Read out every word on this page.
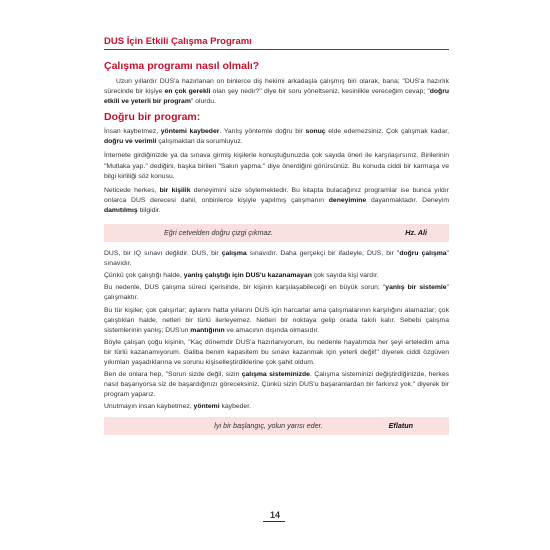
DUS İçin Etkili Çalışma Programı
Çalışma programı nasıl olmalı?

Uzun yıllardır DUS'a hazırlanan on binlerce diş hekimi arkadaşla çalışmış biri olarak, bana; "DUS'a hazırlık sürecinde bir kişiye en çok gerekli olan şey nedir?" diye bir soru yöneltseniz, kesinlikle vereceğim cevap; "doğru etkili ve yeterli bir program" olurdu.

Doğru bir program:

İnsan kaybetmez, yöntemi kaybeder. Yanlış yöntemle doğru bir sonuç elde edemezsiniz. Çok çalışmak kadar, doğru ve verimli çalışmaktan da sorumluyuz.

İnternete girdiğinizde ya da sınava girmiş kişilerle konuştuğunuzda çok sayıda öneri ile karşılaşırsınız. Birilerinin "Mutlaka yap." dediğini, başka birileri "Sakın yapma." diye önerdiğini görürsünüz. Bu konuda ciddi bir karmaşa ve bilgi kirliliği söz konusu.

Neticede herkes, bir kişilik deneyimini size söylemektedir. Bu kitapta bulacağınız programlar ise bunca yıldır onlarca DUS derecesi dahil, onbinlerce kişiyle yapılmış çalışmanın deneyimine dayanmaktadır. Deneyim damıtılmış bilgidir.

Eğri cetvelden doğru çizgi çıkmaz.	Hz. Ali

DUS, bir IQ sınavı değildir. DUS, bir çalışma sınavıdır. Daha gerçekçi bir ifadeyle, DUS, bir "doğru çalışma" sınavıdır.

Çünkü çok çalıştığı halde, yanlış çalıştığı için DUS'u kazanamayan çok sayıda kişi vardır.

Bu nedenle, DUS çalışma süreci içerisinde, bir kişinin karşılaşabileceği en büyük sorun; "yanlış bir sistemle" çalışmaktır.

Bu tür kişiler, çok çalışırlar; aylarını hatta yıllarını DUS için harcarlar ama çalışmalarının karşılığını alamazlar; çok çalıştıkları halde, netleri bir türlü ilerleyemez. Netleri bir noktaya gelip orada takılı kalır. Sebebi çalışma sistemlerinin yanlış; DUS'un mantığının ve amacının dışında olmasıdır.

Böyle çalışan çoğu kişinin, "Kaç dönemdir DUS'a hazırlanıyorum, bu nedenle hayatımda her şeyi erteledim ama bir türlü kazanamıyorum. Galiba benim kapasitem bu sınavı kazanmak için yeterli değil!" diyerek ciddi özgüven yıkımları yaşadıklarına ve sorunu kişiselleştirdiklerine çok şahit oldum.

Ben de onlara hep, "Sorun sizde değil, sizin çalışma sisteminizde. Çalışma sisteminizi değiştirdiğinizde, herkes nasıl başarıyorsa siz de başardığınızı göreceksiniz. Çünkü sizin DUS'u başaranlardan bir farkınız yok." diyerek bir program yaparız.

Unutmayın insan kaybetmez, yöntemi kaybeder.

İyi bir başlangıç, yolun yarısı eder.	Eflatun
14
